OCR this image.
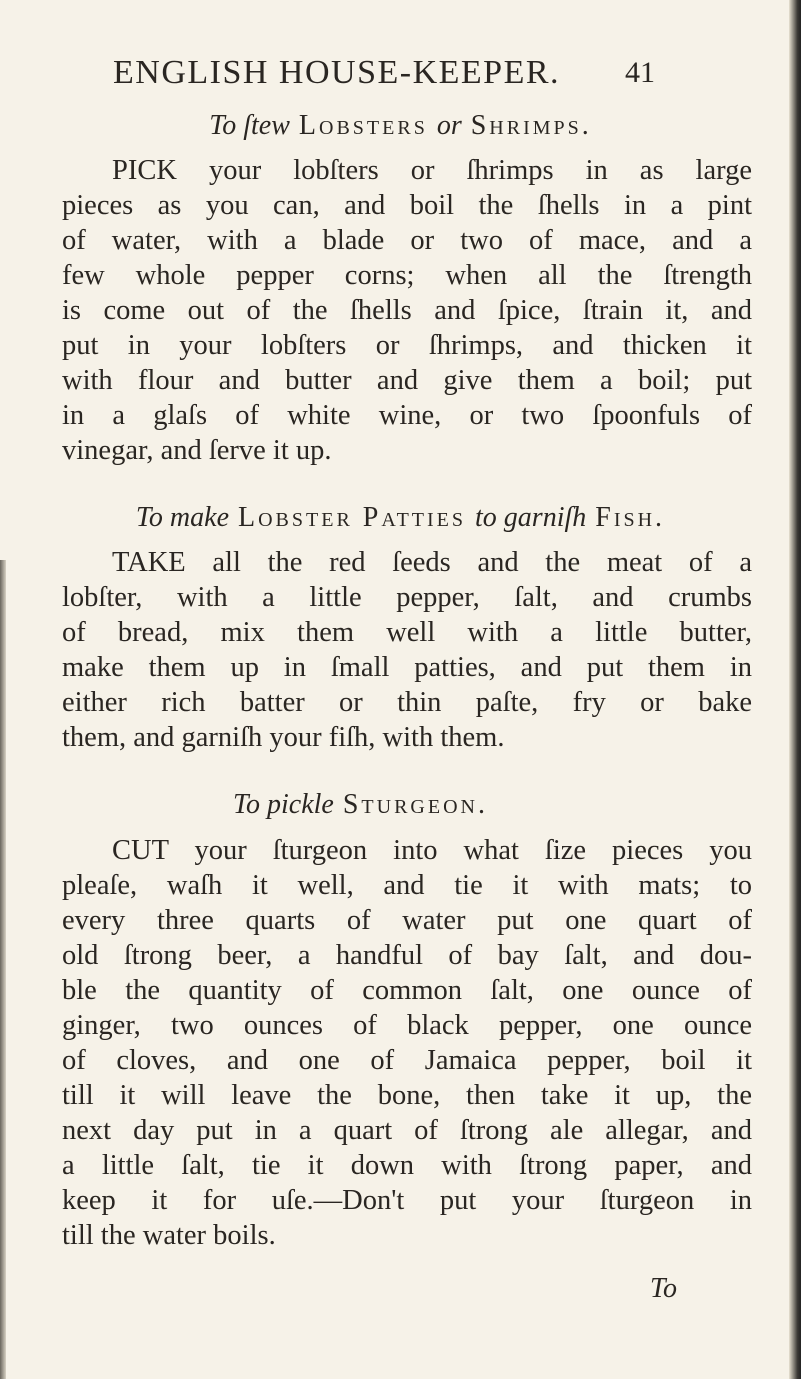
ENGLISH HOUSE-KEEPER. 41
To ſtew Lobsters or Shrimps.
PICK your lobſters or ſhrimps in as large
pieces as you can, and boil the ſhells in a pint
of water, with a blade or two of mace, and a
few whole pepper corns; when all the ſtrength
is come out of the ſhells and ſpice, ſtrain it, and
put in your lobſters or ſhrimps, and thicken it
with flour and butter and give them a boil; put
in a glaſs of white wine, or two ſpoonfuls of
vinegar, and ſerve it up.
To make Lobster Patties to garniſh Fish.
TAKE all the red ſeeds and the meat of a
lobſter, with a little pepper, ſalt, and crumbs
of bread, mix them well with a little butter,
make them up in ſmall patties, and put them in
either rich batter or thin paſte, fry or bake
them, and garniſh your fiſh, with them.
To pickle Sturgeon.
CUT your ſturgeon into what ſize pieces you
pleaſe, waſh it well, and tie it with mats; to
every three quarts of water put one quart of
old ſtrong beer, a handful of bay ſalt, and dou-
ble the quantity of common ſalt, one ounce of
ginger, two ounces of black pepper, one ounce
of cloves, and one of Jamaica pepper, boil it
till it will leave the bone, then take it up, the
next day put in a quart of ſtrong ale allegar, and
a little ſalt, tie it down with ſtrong paper, and
keep it for uſe.—Don't put your ſturgeon in
till the water boils.
To
